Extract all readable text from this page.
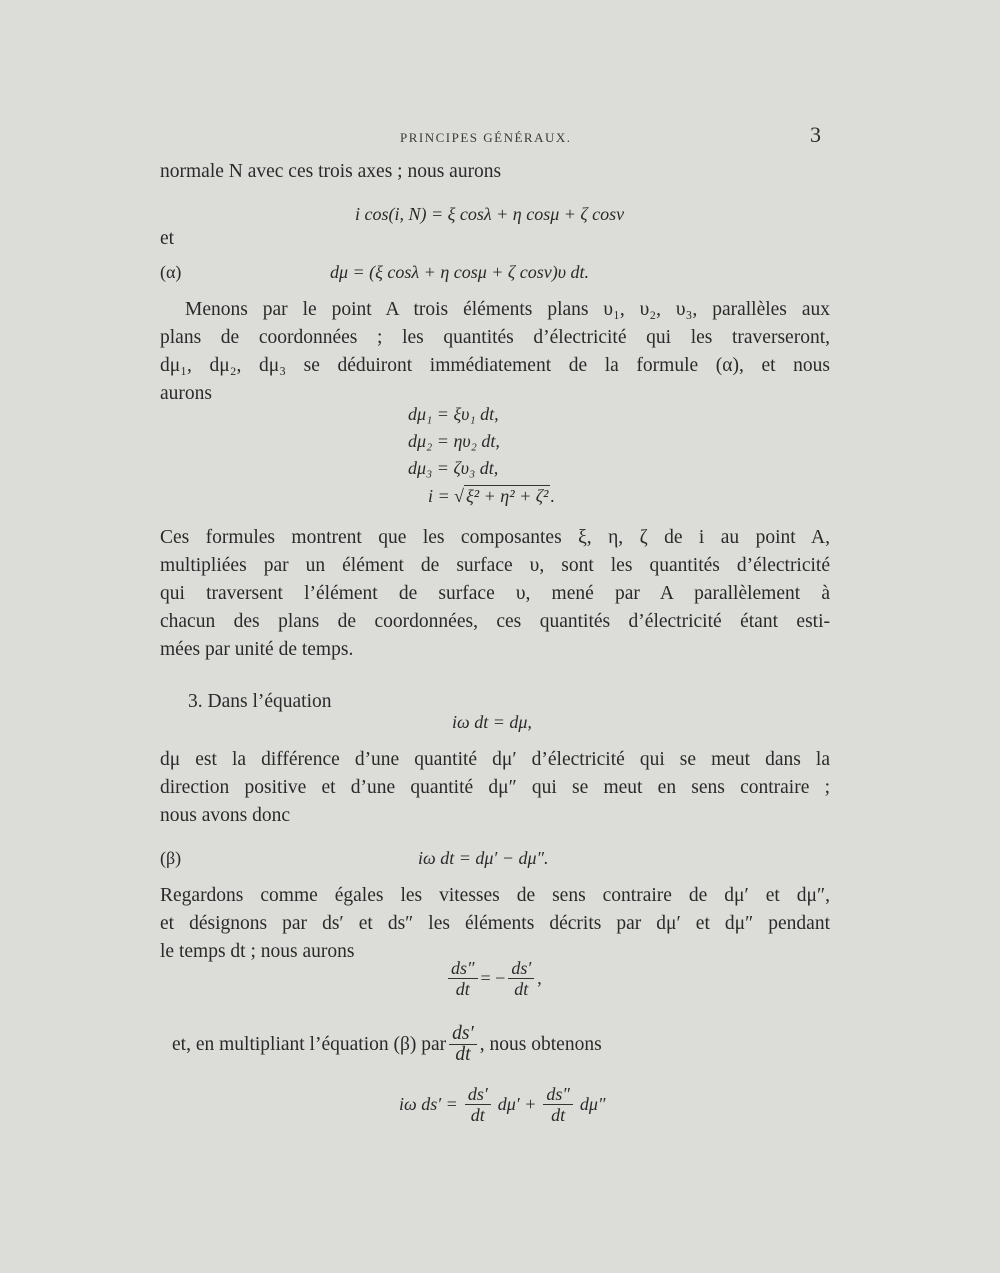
PRINCIPES GÉNÉRAUX.	3
normale N avec ces trois axes ; nous aurons
i cos(i, N) = ξ cosλ + η cosμ + ζ cosν
et
(α)	dμ = (ξ cosλ + η cosμ + ζ cosν)υ dt.
Menons par le point A trois éléments plans υ₁, υ₂, υ₃, parallèles aux
plans de coordonnées ; les quantités d’électricité qui les traverseront,
dμ₁, dμ₂, dμ₃ se déduiront immédiatement de la formule (α), et nous
aurons
dμ₁ = ξυ₁ dt,
dμ₂ = ηυ₂ dt,
dμ₃ = ζυ₃ dt,
i = √ ξ² + η² + ζ² .
Ces formules montrent que les composantes ξ, η, ζ de i au point A,
multipliées par un élément de surface υ, sont les quantités d’électricité
qui traversent l’élément de surface υ, mené par A parallèlement à
chacun des plans de coordonnées, ces quantités d’électricité étant esti-
mées par unité de temps.
3. Dans l’équation
iω dt = dμ,
dμ est la différence d’une quantité dμ′ d’électricité qui se meut dans la
direction positive et d’une quantité dμ″ qui se meut en sens contraire ;
nous avons donc
(β)	iω dt = dμ′ − dμ″.
Regardons comme égales les vitesses de sens contraire de dμ′ et dμ″,
et désignons par ds′ et ds″ les éléments décrits par dμ′ et dμ″ pendant
le temps dt ; nous aurons
$\frac{ds''}{dt}$ = − $\frac{ds'}{dt}$ ,
et, en multipliant l’équation (β) par $\frac{ds'}{dt}$ , nous obtenons
iω $ds' = \frac{ds'}{dt} d\mu' + \frac{ds''}{dt} d\mu''$
